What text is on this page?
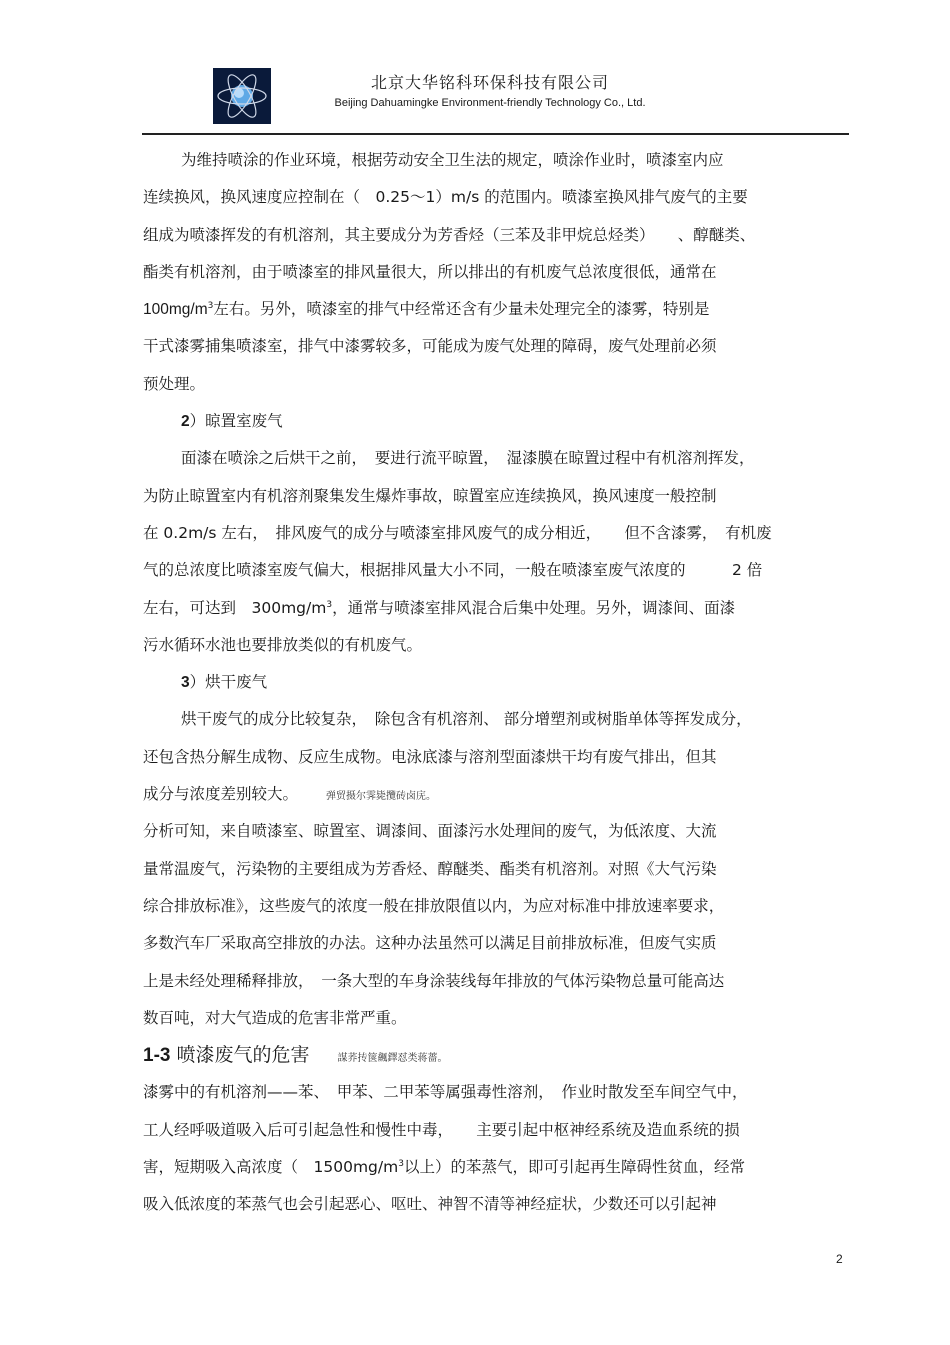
北京大华铭科环保科技有限公司
Beijing Dahuamingke Environment-friendly Technology Co., Ltd.
为维持喷涂的作业环境，根据劳动安全卫生法的规定，喷涂作业时，喷漆室内应
连续换风，换风速度应控制在（　0.25～1）m/s 的范围内。喷漆室换风排气废气的主要
组成为喷漆挥发的有机溶剂，其主要成分为芳香烃（三苯及非甲烷总烃类）　　、醇醚类、
酯类有机溶剂，由于喷漆室的排风量很大，所以排出的有机废气总浓度很低，通常在
$100mg/m^3$左右。另外，喷漆室的排气中经常还含有少量未处理完全的漆雾，特别是
干式漆雾捕集喷漆室，排气中漆雾较多，可能成为废气处理的障碍，废气处理前必须
预处理。
2）晾置室废气
面漆在喷涂之后烘干之前，　要进行流平晾置，　湿漆膜在晾置过程中有机溶剂挥发，
为防止晾置室内有机溶剂聚集发生爆炸事故，晾置室应连续换风，换风速度一般控制
在 0.2m/s 左右，　排风废气的成分与喷漆室排风废气的成分相近，　　但不含漆雾，　有机废
气的总浓度比喷漆室废气偏大，根据排风量大小不同，一般在喷漆室废气浓度的　　　2 倍
左右，可达到　$300mg/m^3$，通常与喷漆室排风混合后集中处理。另外，调漆间、面漆
污水循环水池也要排放类似的有机废气。
3）烘干废气
烘干废气的成分比较复杂，　除包含有机溶剂、 部分增塑剂或树脂单体等挥发成分，
还包含热分解生成物、反应生成物。电泳底漆与溶剂型面漆烘干均有废气排出，但其
成分与浓度差别较大。	弹贸摄尔霁毙攬砖卤庑。
分析可知，来自喷漆室、晾置室、调漆间、面漆污水处理间的废气，为低浓度、大流
量常温废气，污染物的主要组成为芳香烃、醇醚类、酯类有机溶剂。对照《大气污染
综合排放标准》，这些废气的浓度一般在排放限值以内，为应对标准中排放速率要求，
多数汽车厂采取高空排放的办法。这种办法虽然可以满足目前排放标准，但废气实质
上是未经处理稀释排放，　一条大型的车身涂装线每年排放的气体污染物总量可能高达
数百吨，对大气造成的危害非常严重。
1-3 喷漆废气的危害	謀荞抟箧飆鐸怼类蒋薔。
漆雾中的有机溶剂——苯、　甲苯、二甲苯等属强毒性溶剂，　作业时散发至车间空气中，
工人经呼吸道吸入后可引起急性和慢性中毒，　　主要引起中枢神经系统及造血系统的损
害，短期吸入高浓度（　$1500mg/m^3$以上）的苯蒸气，即可引起再生障碍性贫血，经常
吸入低浓度的苯蒸气也会引起恶心、呕吐、神智不清等神经症状，少数还可以引起神
2
